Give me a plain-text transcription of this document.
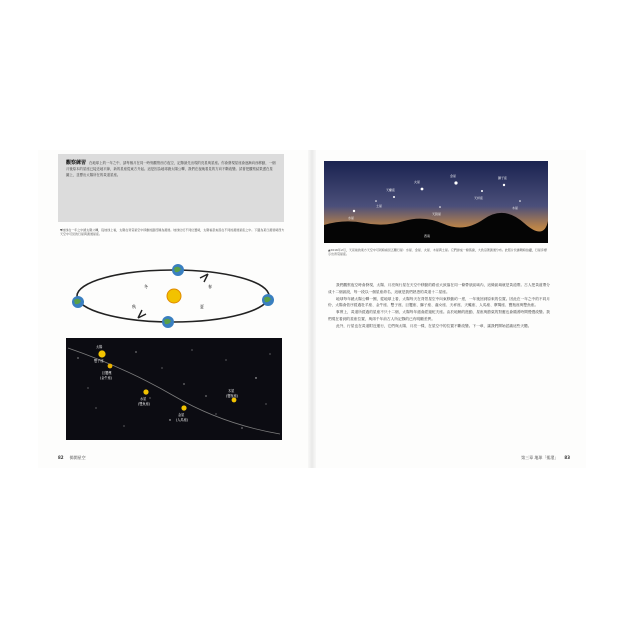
觀察練習 在地球上的一年之中，請每個月在同一時刻觀察西方夜空，記錄最先出現的亮星與星座。你會發現星座會逐漸向西移動，一個月後原本的星座已接近地平線，新的星座從東方升起。這是因為地球繞太陽公轉，我們在夜晚看見的方向不斷改變。試著把觀察結果畫在星圖上，並標出太陽所在的黃道星座。
▼地球在一年之中繞太陽公轉，從地球上看，太陽在背景星空中移動的路徑稱為黃道。地球位於不同位置時，太陽看起來落在不同的黃道星座之中。下圖為某日黃昏時西方天空中可見的行星與黃道星座。
冬	春
夏
秋
太陽
雙子座
巨蟹座
(金牛座)
水星
(雙魚座)
金星
(人馬座)
木星
(寶瓶座)
82 揭開星空
水星
土星
天蠍座
火星
金星
天秤座
獅子座
天狼星
木星
西南
▲2016年2月，天亮前的東方天空中可同時看見五顆行星：水星、金星、火星、木星與土星。它們排成一條弧線，大致沿著黃道分布。此照片於拂曉時拍攝，行星旁標示出背景星座。

我們觀察夜空時會發現，太陽、月亮與行星在天空中移動的路徑大致落在同一條帶狀區域內，這條區域就是黃道帶。古人把黃道帶分成十二個區段，每一段以一個星座命名，這就是我們熟悉的黃道十二星座。

地球每年繞太陽公轉一圈，從地球上看，太陽每天在背景星空中向東移動約一度，一年後回到原來的位置。因此在一年之中的不同月份，太陽會依序經過牡羊座、金牛座、雙子座、巨蟹座、獅子座、處女座、天秤座、天蠍座、人馬座、摩羯座、寶瓶座與雙魚座。

事實上，黃道所經過的星座不只十二個，太陽每年還會經過蛇夫座。由於地軸的進動，星座與節氣的對應也會隨著時間慢慢改變。我們現在看到的星座位置，與兩千年前古人所記錄的已有明顯差異。

此外，行星也在黃道附近運行，它們與太陽、月亮一樣，在星空中的位置不斷改變。下一章，讓我們開始認識這些天體。

第三章 地球「搖滾」 83
